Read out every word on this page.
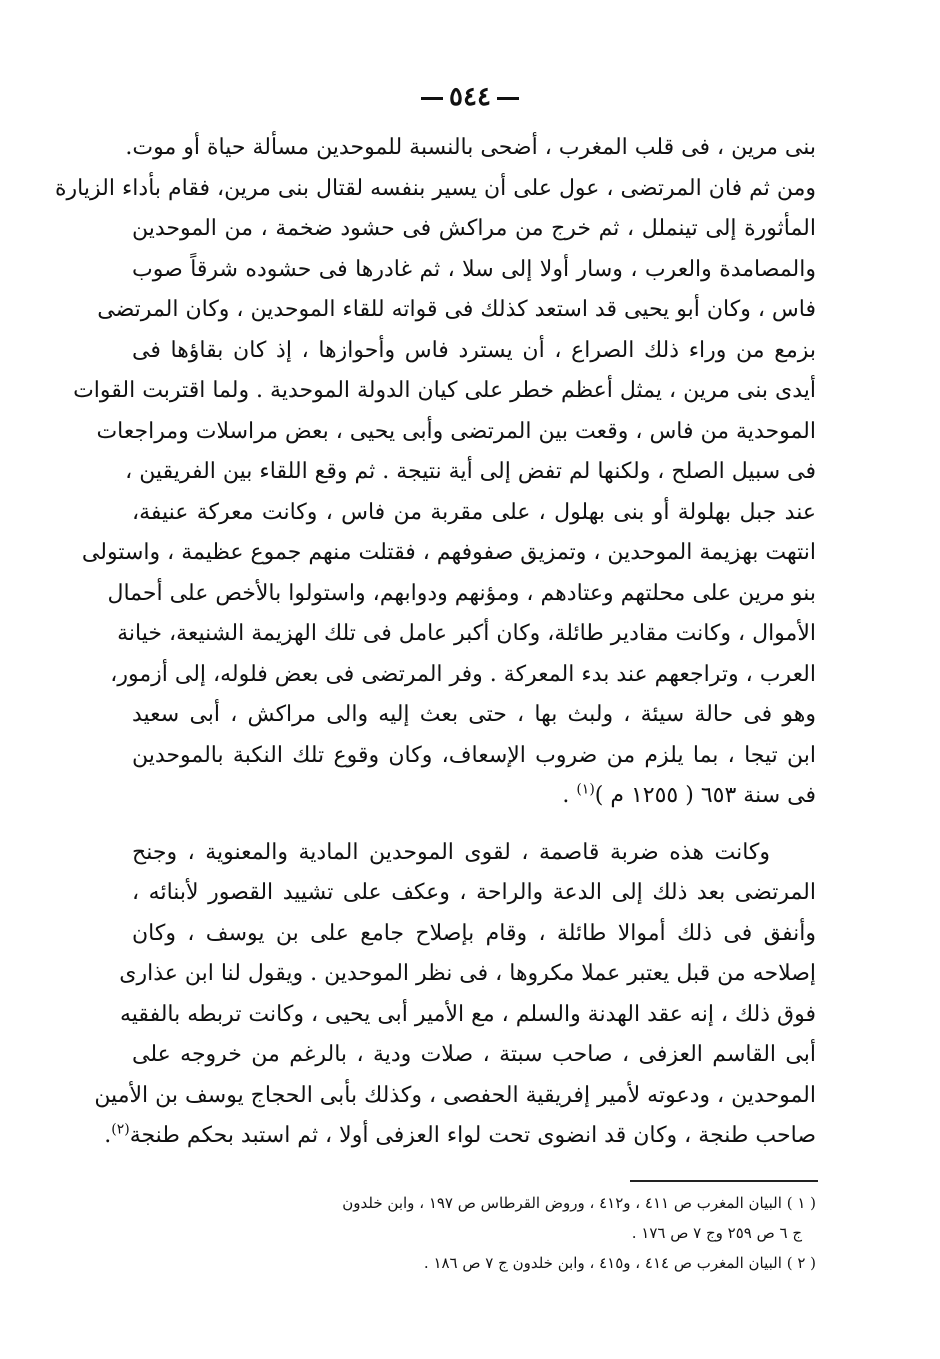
٥٤٤
بنى مرين ، فى قلب المغرب ، أضحى بالنسبة للموحدين مسألة حياة أو موت.
ومن ثم فان المرتضى ، عول على أن يسير بنفسه لقتال بنى مرين، فقام بأداء الزيارة
المأثورة إلى تينملل ، ثم خرج من مراكش فى حشود ضخمة ، من الموحدين
والمصامدة والعرب ، وسار أولا إلى سلا ، ثم غادرها فى حشوده شرقاً صوب
فاس ، وكان أبو يحيى قد استعد كذلك فى قواته للقاء الموحدين ، وكان المرتضى
بزمع من وراء ذلك الصراع ، أن يسترد فاس وأحوازها ، إذ كان بقاؤها فى
أيدى بنى مرين ، يمثل أعظم خطر على كيان الدولة الموحدية . ولما اقتربت القوات
الموحدية من فاس ، وقعت بين المرتضى وأبى يحيى ، بعض مراسلات ومراجعات
فى سبيل الصلح ، ولكنها لم تفض إلى أية نتيجة . ثم وقع اللقاء بين الفريقين ،
عند جبل بهلولة أو بنى بهلول ، على مقربة من فاس ، وكانت معركة عنيفة،
انتهت بهزيمة الموحدين ، وتمزيق صفوفهم ، فقتلت منهم جموع عظيمة ، واستولى
بنو مرين على محلتهم وعتادهم ، ومؤنهم ودوابهم، واستولوا بالأخص على أحمال
الأموال ، وكانت مقادير طائلة، وكان أكبر عامل فى تلك الهزيمة الشنيعة، خيانة
العرب ، وتراجعهم عند بدء المعركة . وفر المرتضى فى بعض فلوله، إلى أزمور،
وهو فى حالة سيئة ، ولبث بها ، حتى بعث إليه والى مراكش ، أبى سعيد
ابن تيجا ، بما يلزم من ضروب الإسعاف، وكان وقوع تلك النكبة بالموحدين
فى سنة ٦٥٣ ( ١٢٥٥ م )$^{(١)}$ .
وكانت هذه ضربة قاصمة ، لقوى الموحدين المادية والمعنوية ، وجنح
المرتضى بعد ذلك إلى الدعة والراحة ، وعكف على تشييد القصور لأبنائه ،
وأنفق فى ذلك أموالا طائلة ، وقام بإصلاح جامع على بن يوسف ، وكان
إصلاحه من قبل يعتبر عملا مكروها ، فى نظر الموحدين . ويقول لنا ابن عذارى
فوق ذلك ، إنه عقد الهدنة والسلم ، مع الأمير أبى يحيى ، وكانت تربطه بالفقيه
أبى القاسم العزفى ، صاحب سبتة ، صلات ودية ، بالرغم من خروجه على
الموحدين ، ودعوته لأمير إفريقية الحفصى ، وكذلك بأبى الحجاج يوسف بن الأمين
صاحب طنجة ، وكان قد انضوى تحت لواء العزفى أولا ، ثم استبد بحكم طنجة$^{(٢)}$.
( ١ ) البيان المغرب ص ٤١١ ، و٤١٢ ، وروض القرطاس ص ١٩٧ ، وابن خلدون
ج ٦ ص ٢٥٩ وج ٧ ص ١٧٦ .
( ٢ ) البيان المغرب ص ٤١٤ ، و٤١٥ ، وابن خلدون ج ٧ ص ١٨٦ .
